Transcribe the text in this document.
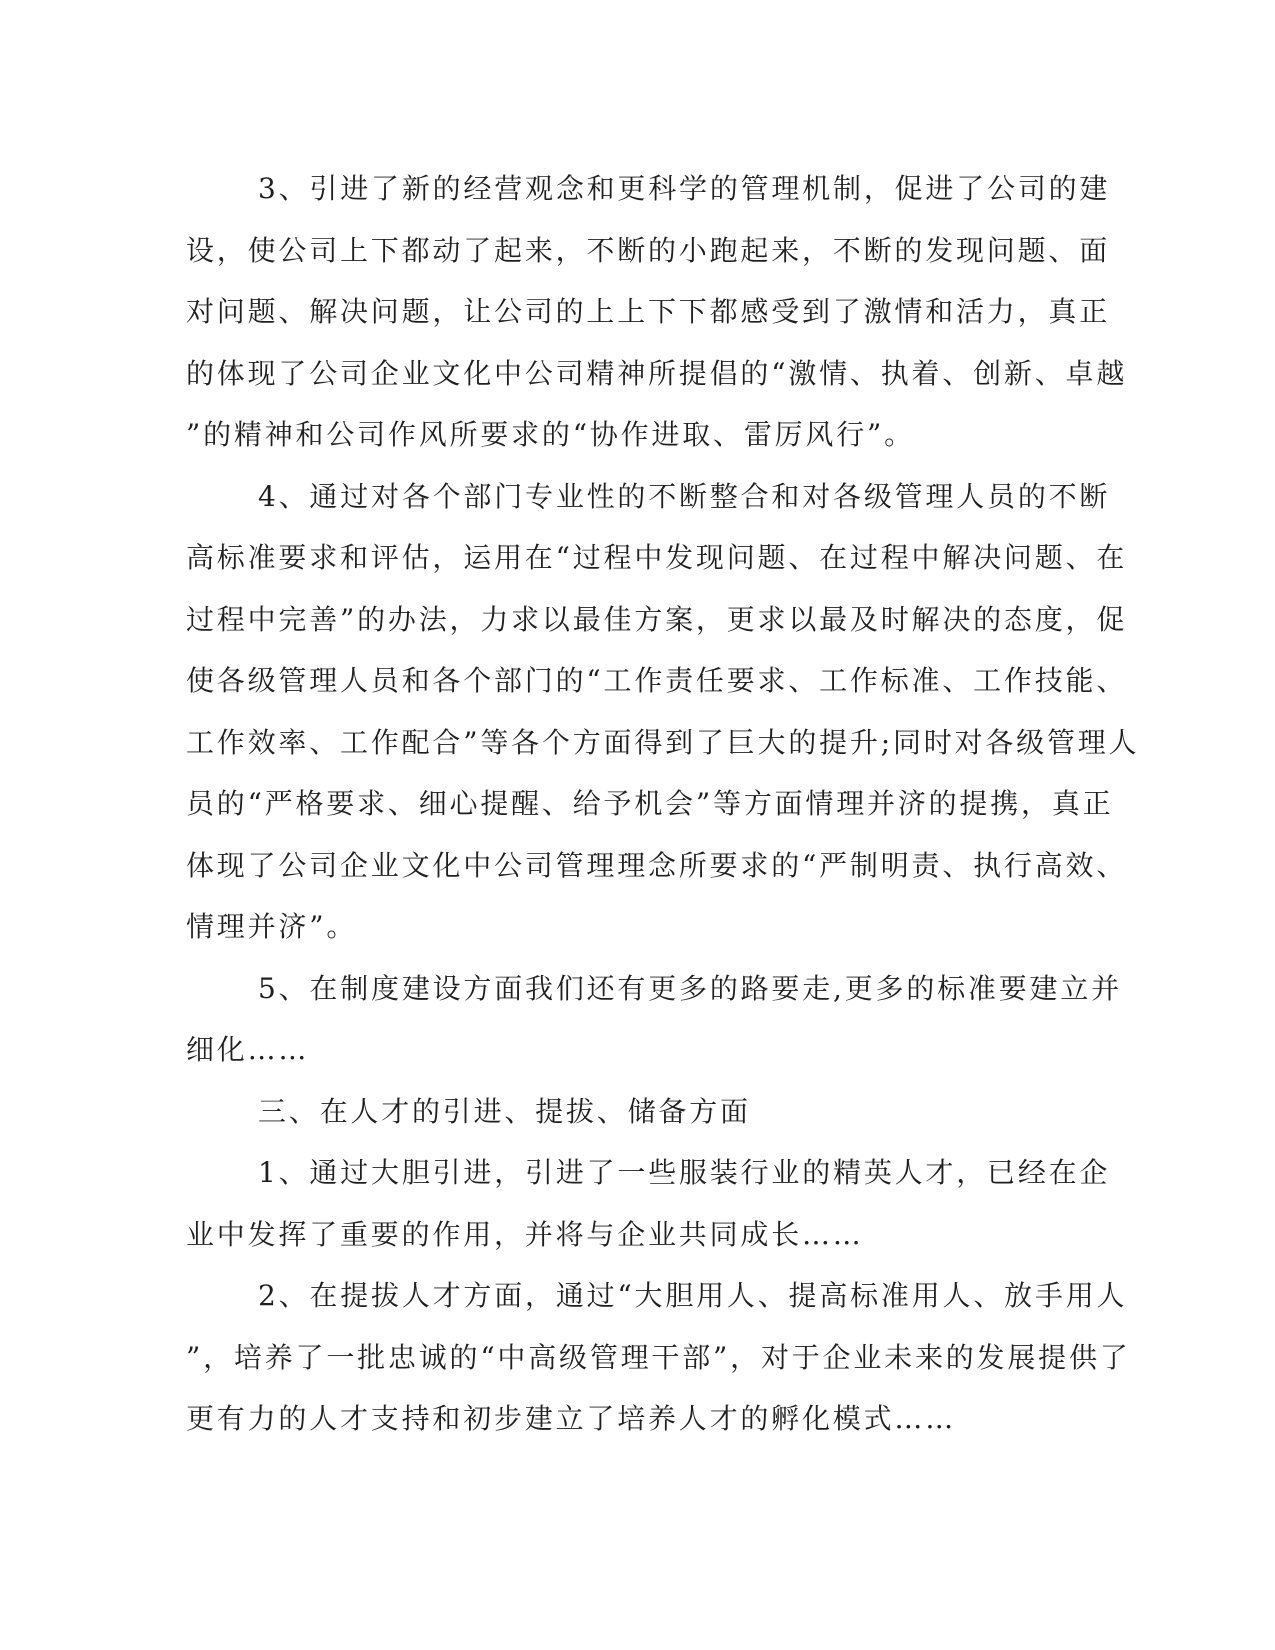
3、引进了新的经营观念和更科学的管理机制，促进了公司的建
设，使公司上下都动了起来，不断的小跑起来，不断的发现问题、面
对问题、解决问题，让公司的上上下下都感受到了激情和活力，真正
的体现了公司企业文化中公司精神所提倡的“激情、执着、创新、卓越
”的精神和公司作风所要求的“协作进取、雷厉风行”。
4、通过对各个部门专业性的不断整合和对各级管理人员的不断
高标准要求和评估，运用在“过程中发现问题、在过程中解决问题、在
过程中完善”的办法，力求以最佳方案，更求以最及时解决的态度，促
使各级管理人员和各个部门的“工作责任要求、工作标准、工作技能、
工作效率、工作配合”等各个方面得到了巨大的提升;同时对各级管理人
员的“严格要求、细心提醒、给予机会”等方面情理并济的提携，真正
体现了公司企业文化中公司管理理念所要求的“严制明责、执行高效、
情理并济”。
5、在制度建设方面我们还有更多的路要走,更多的标准要建立并
细化……
三、在人才的引进、提拔、储备方面
1、通过大胆引进，引进了一些服装行业的精英人才，已经在企
业中发挥了重要的作用，并将与企业共同成长……
2、在提拔人才方面，通过“大胆用人、提高标准用人、放手用人
”，培养了一批忠诚的“中高级管理干部”，对于企业未来的发展提供了
更有力的人才支持和初步建立了培养人才的孵化模式……
